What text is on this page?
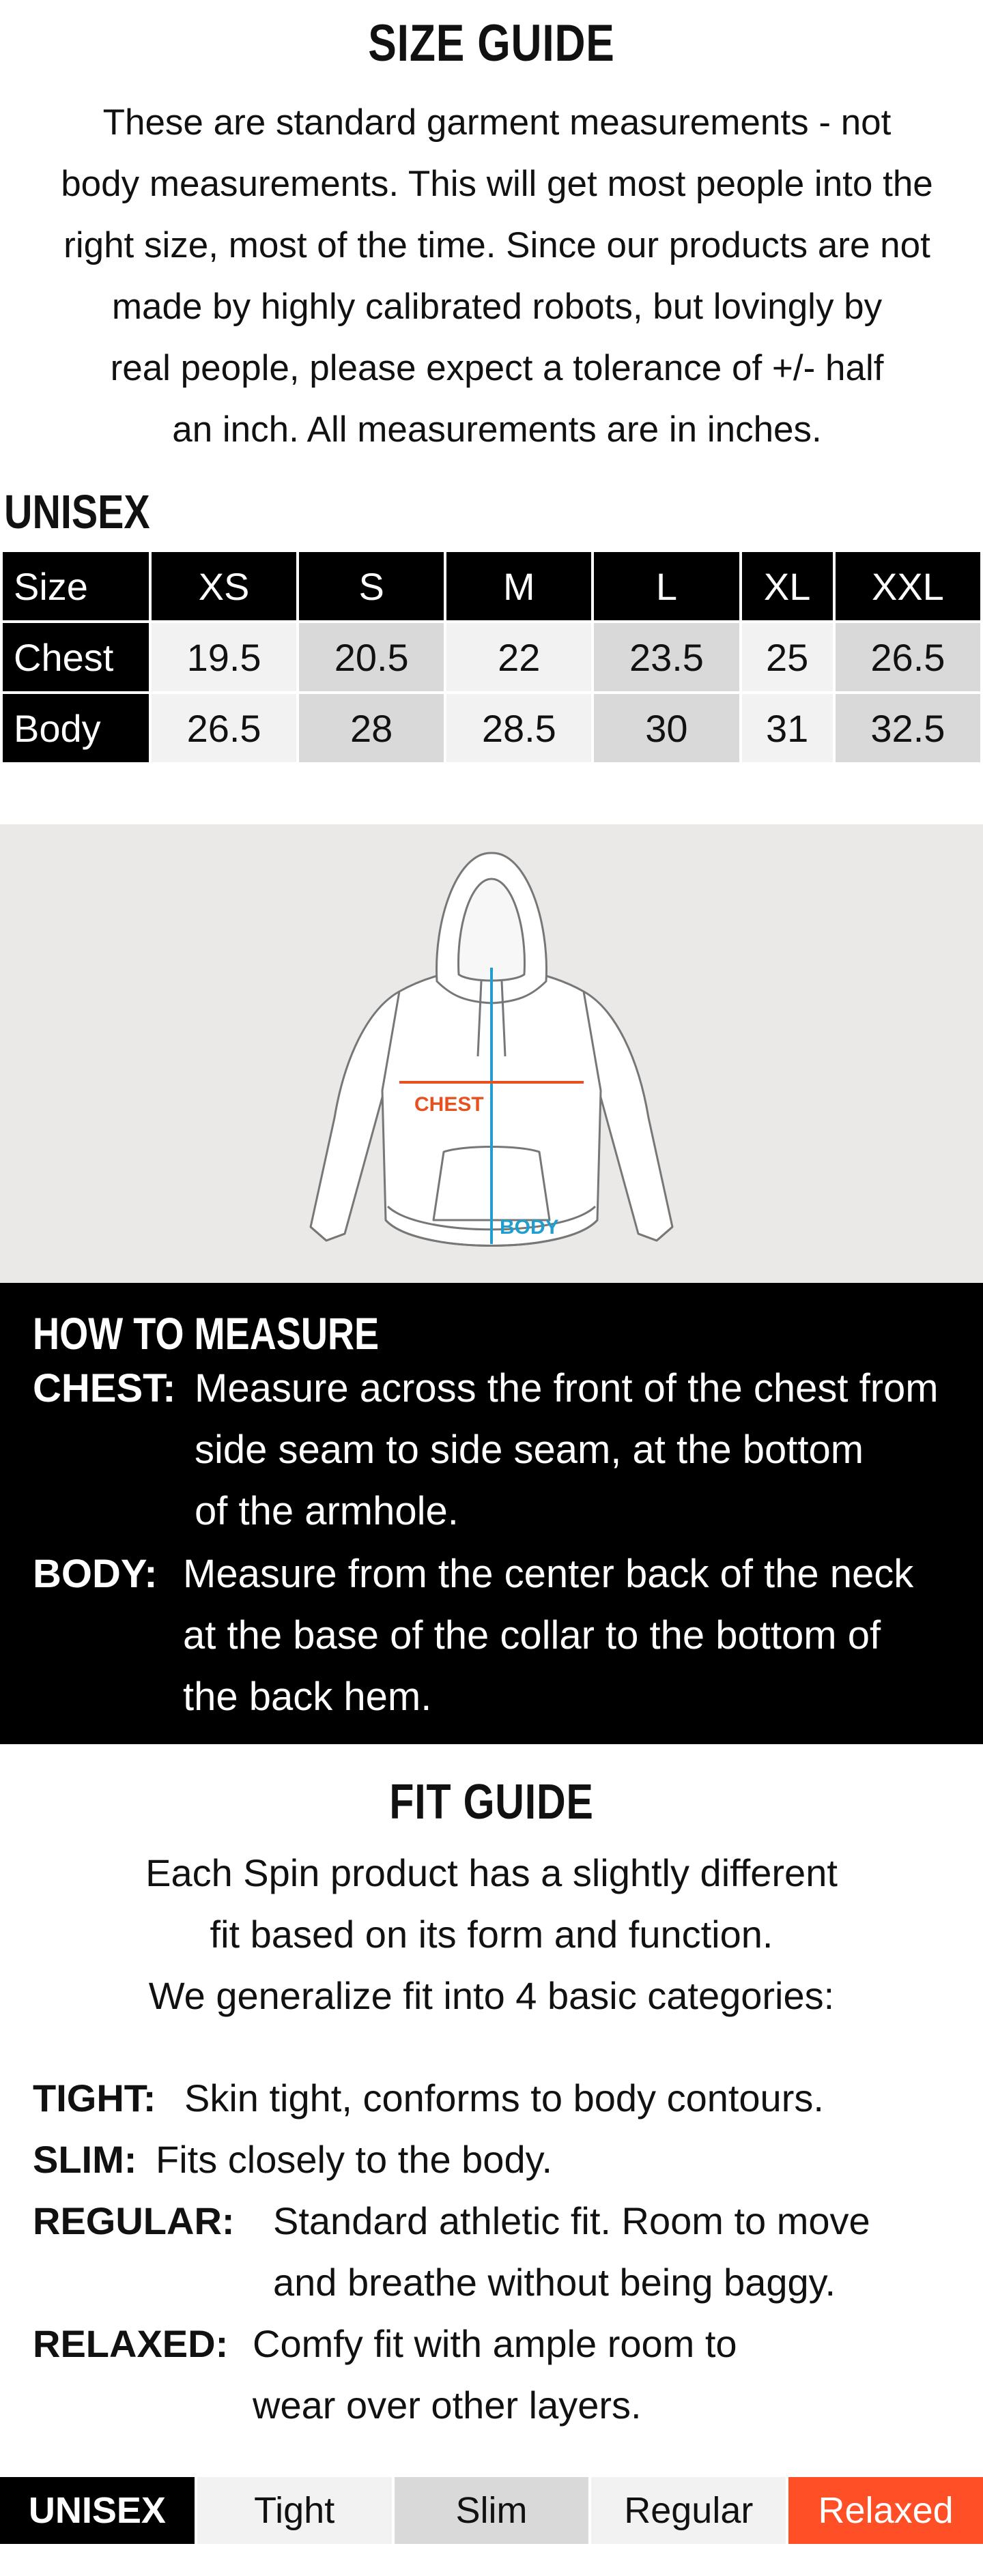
SIZE GUIDE
These are standard garment measurements - not
body measurements. This will get most people into the
right size, most of the time. Since our products are not
made by highly calibrated robots, but lovingly by
real people, please expect a tolerance of +/- half
an inch. All measurements are in inches.
UNISEX
Size	XS	S	M	L	XL	XXL
Chest	19.5	20.5	22	23.5	25	26.5
Body	26.5	28	28.5	30	31	32.5
CHEST
BODY
HOW TO MEASURE
CHEST: Measure across the front of the chest from
side seam to side seam, at the bottom
of the armhole.
BODY: Measure from the center back of the neck
at the base of the collar to the bottom of
the back hem.
FIT GUIDE
Each Spin product has a slightly different
fit based on its form and function.
We generalize fit into 4 basic categories:
TIGHT: Skin tight, conforms to body contours.
SLIM: Fits closely to the body.
REGULAR: Standard athletic fit. Room to move
and breathe without being baggy.
RELAXED: Comfy fit with ample room to
wear over other layers.
UNISEX	Tight	Slim	Regular	Relaxed
